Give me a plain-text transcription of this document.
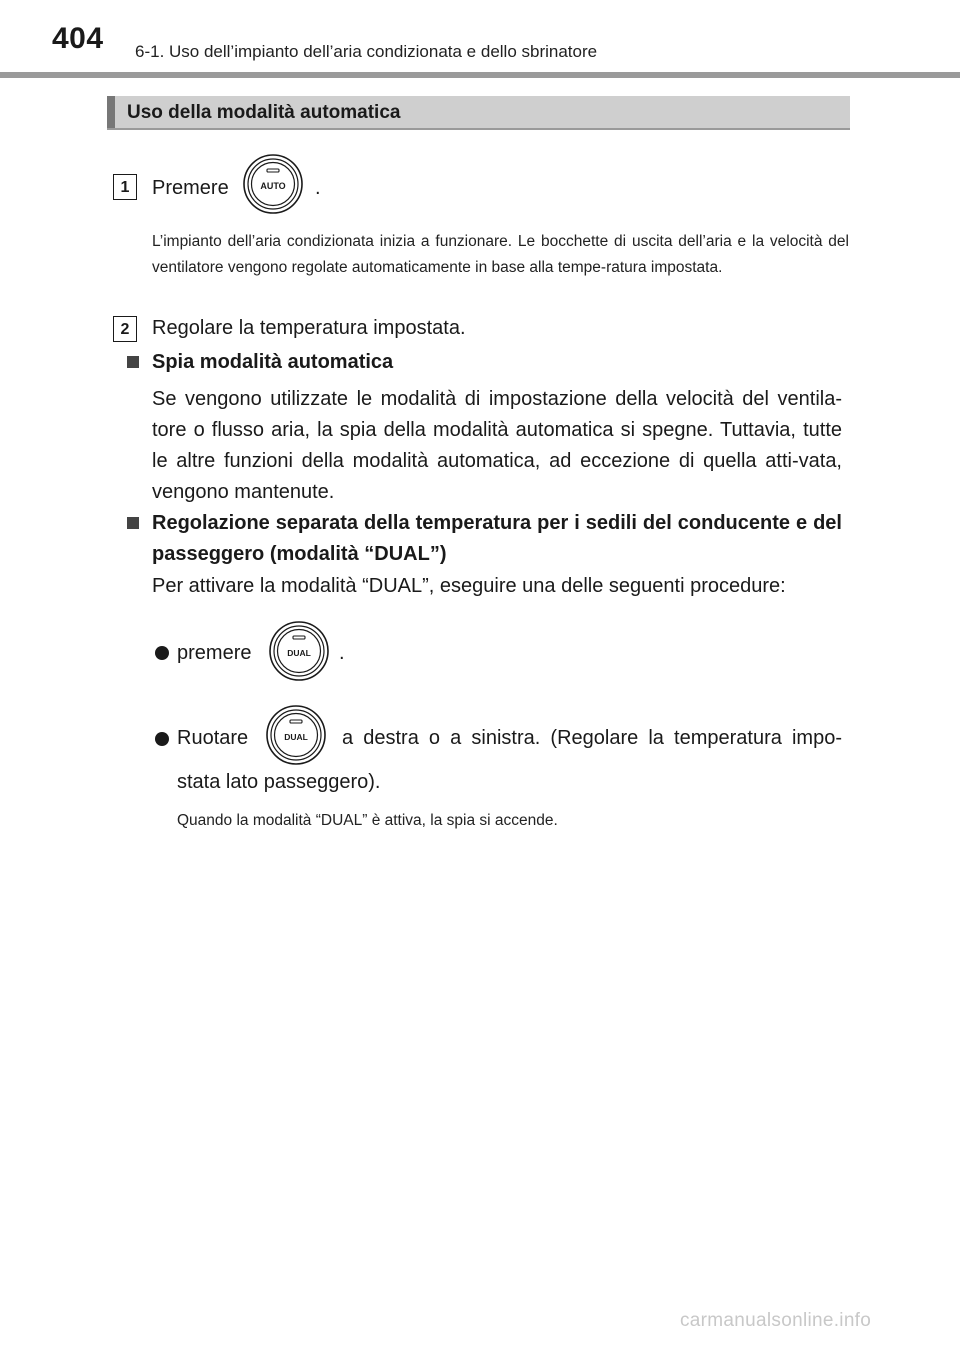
404 6-1. Uso dell’impianto dell’aria condizionata e dello sbrinatore
Uso della modalità automatica
1	Premere	AUTO .
L’impianto dell’aria condizionata inizia a funzionare. Le bocchette di uscita dell’aria e la velocità del ventilatore vengono regolate automaticamente in base alla tempe-ratura impostata.
2	Regolare la temperatura impostata.
Spia modalità automatica
Se vengono utilizzate le modalità di impostazione della velocità del ventila-tore o flusso aria, la spia della modalità automatica si spegne. Tuttavia, tutte le altre funzioni della modalità automatica, ad eccezione di quella atti-vata, vengono mantenute.
Regolazione separata della temperatura per i sedili del conducente e del passeggero (modalità “DUAL”)
Per attivare la modalità “DUAL”, eseguire una delle seguenti procedure:
premere	DUAL .
Ruotare	DUAL a destra o a sinistra. (Regolare la temperatura impo-
stata lato passeggero).
Quando la modalità “DUAL” è attiva, la spia si accende.
carmanualsonline.info
